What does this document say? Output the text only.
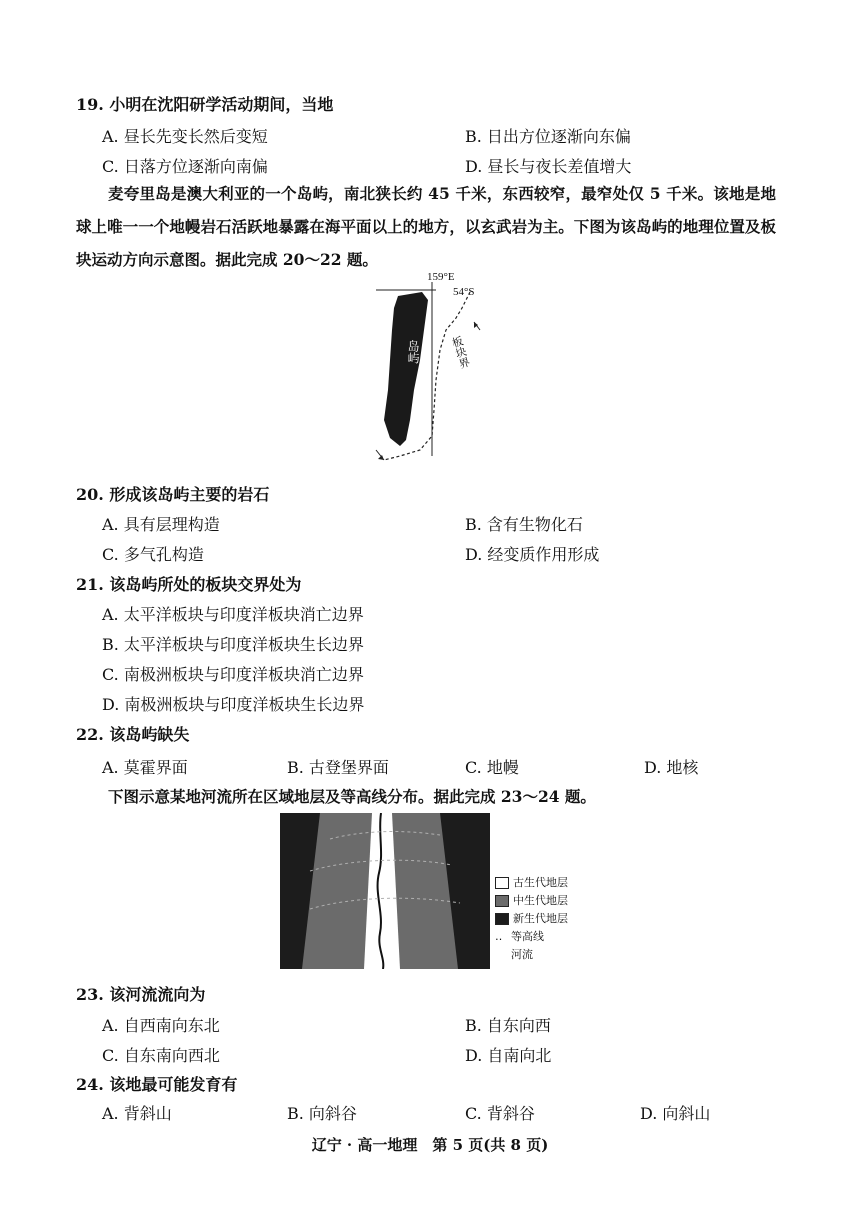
19. 小明在沈阳研学活动期间，当地
A. 昼长先变长然后变短	B. 日出方位逐渐向东偏
C. 日落方位逐渐向南偏	D. 昼长与夜长差值增大
麦夸里岛是澳大利亚的一个岛屿，南北狭长约 45 千米，东西较窄，最窄处仅 5 千米。该地是地球上唯一一个地幔岩石活跃地暴露在海平面以上的地方，以玄武岩为主。下图为该岛屿的地理位置及板块运动方向示意图。据此完成 20～22 题。
159°E
54°S
岛屿	板块界
20. 形成该岛屿主要的岩石
A. 具有层理构造	B. 含有生物化石
C. 多气孔构造	D. 经变质作用形成
21. 该岛屿所处的板块交界处为
A. 太平洋板块与印度洋板块消亡边界
B. 太平洋板块与印度洋板块生长边界
C. 南极洲板块与印度洋板块消亡边界
D. 南极洲板块与印度洋板块生长边界
22. 该岛屿缺失
A. 莫霍界面	B. 古登堡界面	C. 地幔	D. 地核
下图示意某地河流所在区域地层及等高线分布。据此完成 23～24 题。
古生代地层
中生代地层
新生代地层
‥ 等高线
河流
23. 该河流流向为
A. 自西南向东北	B. 自东向西
C. 自东南向西北	D. 自南向北
24. 该地最可能发育有
A. 背斜山	B. 向斜谷	C. 背斜谷	D. 向斜山
辽宁 · 高一地理　第 5 页(共 8 页)
